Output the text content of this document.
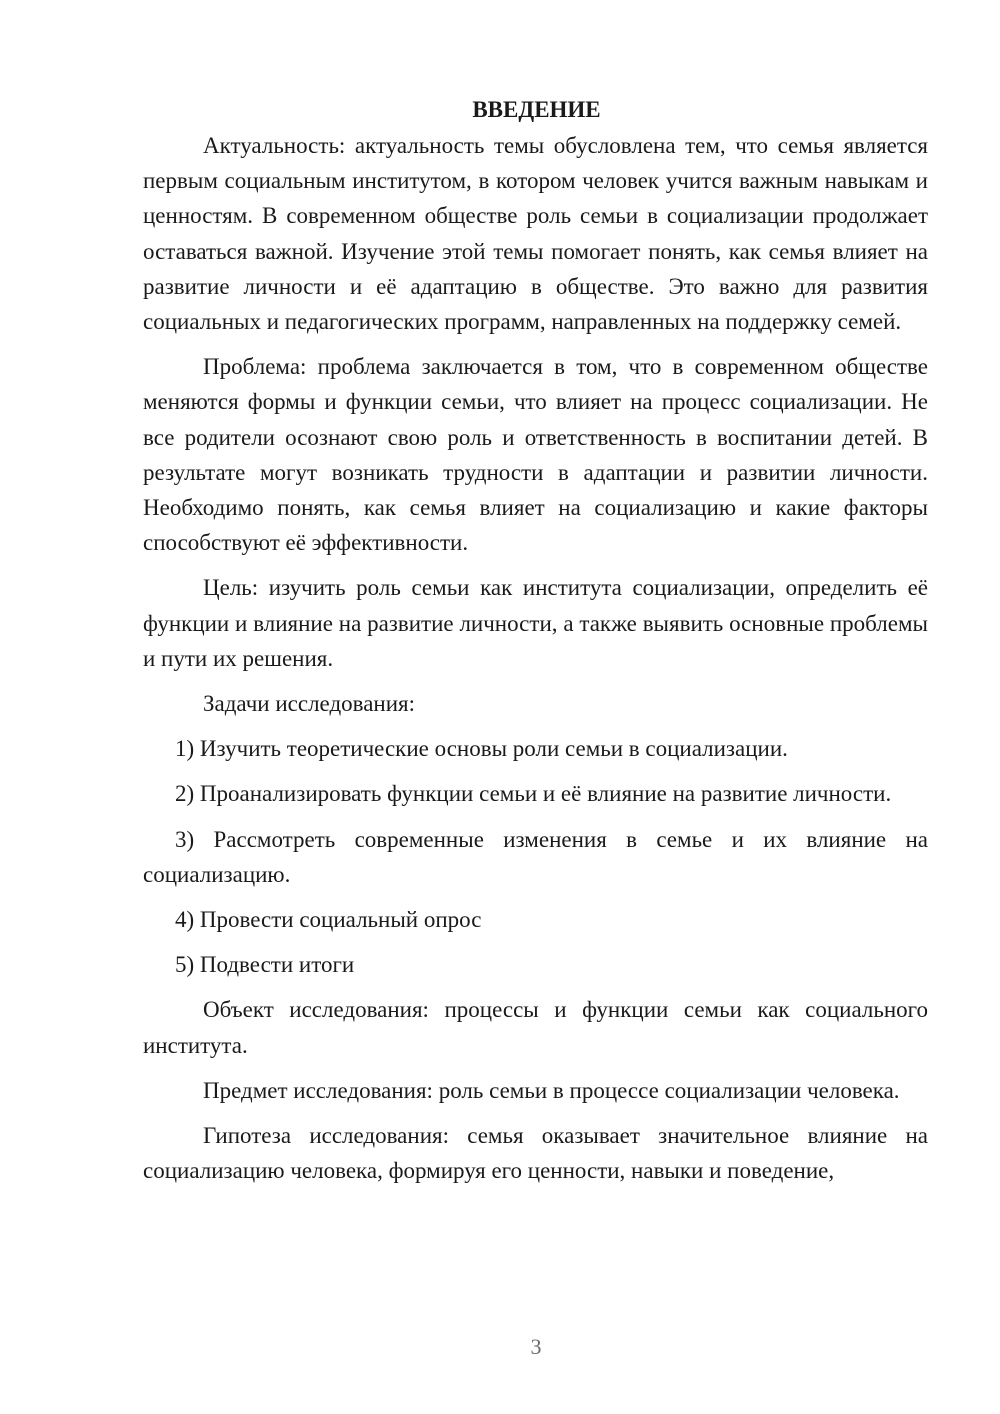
ВВЕДЕНИЕ

Актуальность: актуальность темы обусловлена тем, что семья является первым социальным институтом, в котором человек учится важным навыкам и ценностям. В современном обществе роль семьи в социализации продолжает оставаться важной. Изучение этой темы помогает понять, как семья влияет на развитие личности и её адаптацию в обществе. Это важно для развития социальных и педагогических программ, направленных на поддержку семей.

Проблема: проблема заключается в том, что в современном обществе меняются формы и функции семьи, что влияет на процесс социализации. Не все родители осознают свою роль и ответственность в воспитании детей. В результате могут возникать трудности в адаптации и развитии личности. Необходимо понять, как семья влияет на социализацию и какие факторы способствуют её эффективности.

Цель: изучить роль семьи как института социализации, определить её функции и влияние на развитие личности, а также выявить основные проблемы и пути их решения.

Задачи исследования:

1) Изучить теоретические основы роли семьи в социализации.

2) Проанализировать функции семьи и её влияние на развитие личности.

3) Рассмотреть современные изменения в семье и их влияние на социализацию.

4) Провести социальный опрос

5) Подвести итоги

Объект исследования: процессы и функции семьи как социального института.

Предмет исследования: роль семьи в процессе социализации человека.

Гипотеза исследования: семья оказывает значительное влияние на социализацию человека, формируя его ценности, навыки и поведение,

3
